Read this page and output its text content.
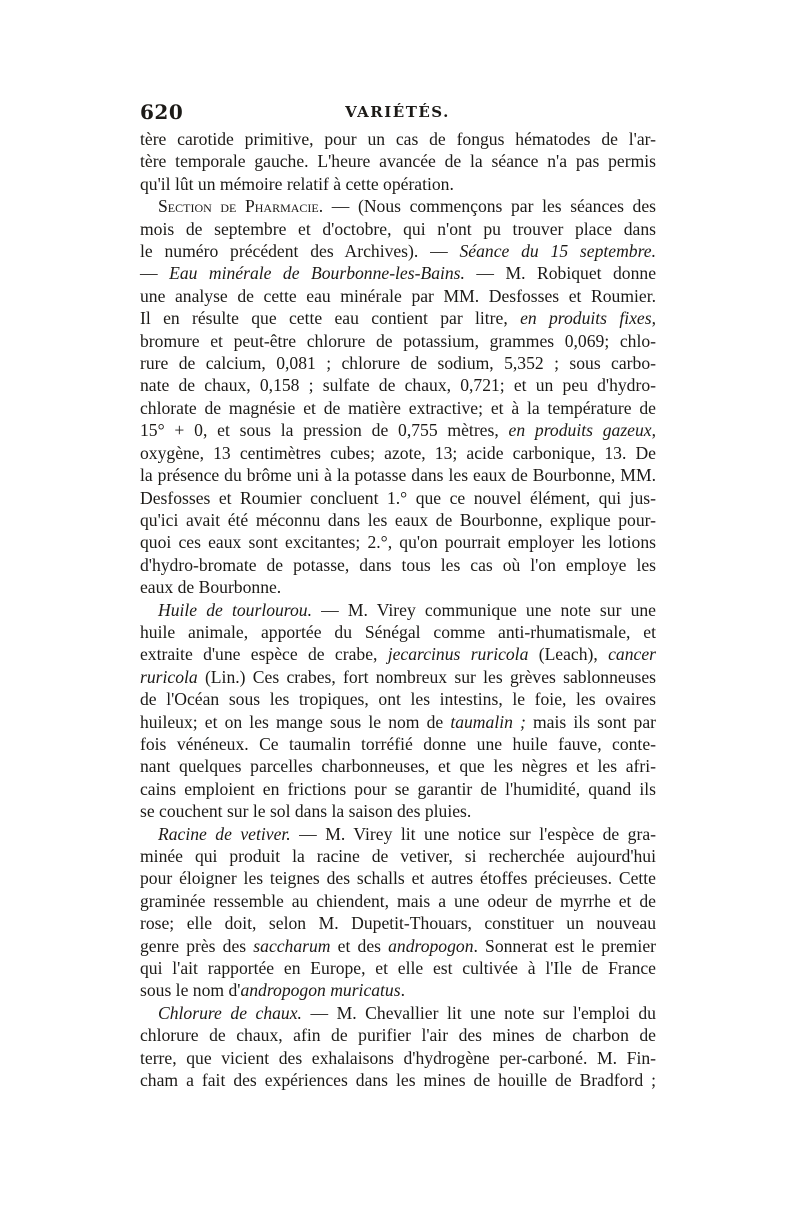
620	VARIÉTÉS.
tère carotide primitive, pour un cas de fongus hématodes de l'ar-
tère temporale gauche. L'heure avancée de la séance n'a pas permis
qu'il lût un mémoire relatif à cette opération.
Section de Pharmacie. — (Nous commençons par les séances des
mois de septembre et d'octobre, qui n'ont pu trouver place dans
le numéro précédent des Archives). — Séance du 15 septembre.
— Eau minérale de Bourbonne-les-Bains. — M. Robiquet donne
une analyse de cette eau minérale par MM. Desfosses et Roumier.
Il en résulte que cette eau contient par litre, en produits fixes,
bromure et peut-être chlorure de potassium, grammes 0,069; chlo-
rure de calcium, 0,081 ; chlorure de sodium, 5,352 ; sous carbo-
nate de chaux, 0,158 ; sulfate de chaux, 0,721; et un peu d'hydro-
chlorate de magnésie et de matière extractive; et à la température de
15° + 0, et sous la pression de 0,755 mètres, en produits gazeux,
oxygène, 13 centimètres cubes; azote, 13; acide carbonique, 13. De
la présence du brôme uni à la potasse dans les eaux de Bourbonne, MM.
Desfosses et Roumier concluent 1.° que ce nouvel élément, qui jus-
qu'ici avait été méconnu dans les eaux de Bourbonne, explique pour-
quoi ces eaux sont excitantes; 2.°, qu'on pourrait employer les lotions
d'hydro-bromate de potasse, dans tous les cas où l'on employe les
eaux de Bourbonne.
Huile de tourlourou. — M. Virey communique une note sur une
huile animale, apportée du Sénégal comme anti-rhumatismale, et
extraite d'une espèce de crabe, jecarcinus ruricola (Leach), cancer
ruricola (Lin.) Ces crabes, fort nombreux sur les grèves sablonneuses
de l'Océan sous les tropiques, ont les intestins, le foie, les ovaires
huileux; et on les mange sous le nom de taumalin ; mais ils sont par
fois vénéneux. Ce taumalin torréfié donne une huile fauve, conte-
nant quelques parcelles charbonneuses, et que les nègres et les afri-
cains emploient en frictions pour se garantir de l'humidité, quand ils
se couchent sur le sol dans la saison des pluies.
Racine de vetiver. — M. Virey lit une notice sur l'espèce de gra-
minée qui produit la racine de vetiver, si recherchée aujourd'hui
pour éloigner les teignes des schalls et autres étoffes précieuses. Cette
graminée ressemble au chiendent, mais a une odeur de myrrhe et de
rose; elle doit, selon M. Dupetit-Thouars, constituer un nouveau
genre près des saccharum et des andropogon. Sonnerat est le premier
qui l'ait rapportée en Europe, et elle est cultivée à l'Ile de France
sous le nom d'andropogon muricatus.
Chlorure de chaux. — M. Chevallier lit une note sur l'emploi du
chlorure de chaux, afin de purifier l'air des mines de charbon de
terre, que vicient des exhalaisons d'hydrogène per-carboné. M. Fin-
cham a fait des expériences dans les mines de houille de Bradford ;
